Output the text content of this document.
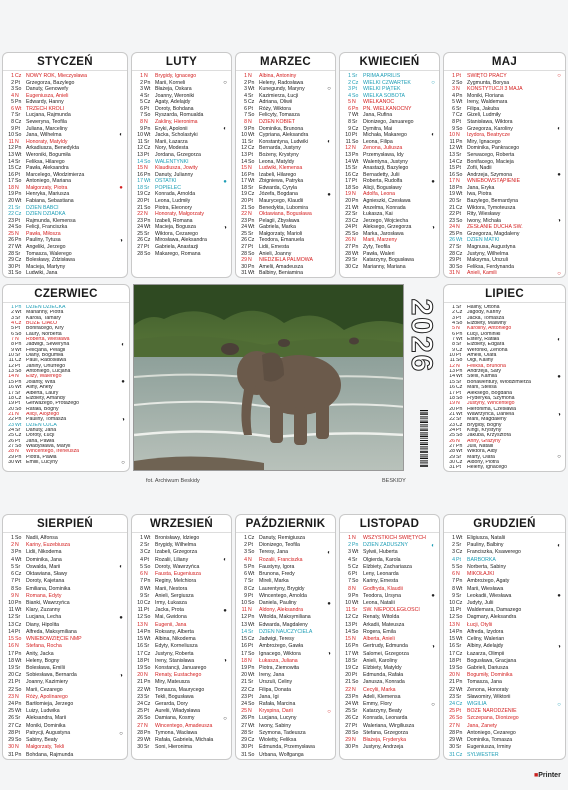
STYCZEŃ
1 Cz NOWY ROK, Mieczysława
2 Pt	Grzegorza, Bazylego
3 So Danuty, Genowefy
4 N	Eugeniusza, Anieli
5 Pn Edwardy, Hanny
6 Wt TRZECH KRÓLI
7 Śr	Lucjana, Rajmunda
8 Cz Seweryna, Teofila
9 Pt	Juliana, Marceliny
10 So Jana, Wilhelma	◐
11 N	Honoraty, Matyldy
12 Pn Arkadiusza, Benedykta
13 Wt Weroniki, Bogumiła
14 Śr	Feliksa, Hilarego
15 Cz Pawła, Aleksandra
16 Pt	Marcelego, Włodzimierza
17 So Antoniego, Mariana
18 N	Małgorzaty, Piotra	●
19 Pn Henryka, Mariusza
20 Wt Fabiana, Sebastiana
21 Śr	DZIEŃ BABCI
22 Cz DZIEŃ DZIADKA
23 Pt	Rajmunda, Klemensa
24 So Felicji, Franciszka
25 N	Pawła, Miłosza
26 Pn Pauliny, Tytusa	◑
27 Wt Angeliki, Jerzego
28 Śr	Tomasza, Walerego
29 Cz Bolesławy, Zdzisława
30 Pt	Macieja, Martyny
31 So Ludwiki, Jana
LUTY
1 N	Brygidy, Ignacego
2 Pn Marii, Korneli	○
3 Wt Błażeja, Oskara
4 Śr	Joanny, Weroniki
5 Cz Agaty, Adelajdy
6 Pt	Doroty, Bohdana
7 So Ryszarda, Romualda
8 N	Żakliny, Hieronima
9 Pn Eryki, Apolonii	◐
10 Wt Jacka, Scholastyki
11 Śr	Marii, Łazarza
12 Cz Nory, Modesta
13 Pt	Jordana, Grzegorza
14 So WALENTYNKI
15 N	Klaudiusza, Jowity
16 Pn Danuty, Julianny
17 Wt OSTATKI	●
18 Śr	POPIELEC
19 Cz Konrada, Arnolda
20 Pt	Leona, Ludmiły
21 So Piotra, Eleonory
22 N	Honoraty, Małgorzaty
23 Pn Izabeli, Romana
24 Wt Macieja, Bogusza	◑
25 Śr	Wiktora, Cezarego
26 Cz Mirosława, Aleksandra
27 Pt	Gabriela, Anastazji
28 So Makarego, Romana
MARZEC
1 N	Albina, Antoniny
2 Pn Heleny, Radosława
3 Wt Kunegundy, Maryny	○
4 Śr	Kazimierza, Łucji
5 Cz Adriana, Oliwii
6 Pt	Róży, Wiktora
7 So Felicyty, Tomasza
8 N	DZIEŃ KOBIET
9 Pn Dominika, Brunona
10 Wt Cypriana, Aleksandra
11 Śr	Konstantyna, Ludwiki	◐
12 Cz Bernarda, Justyny
13 Pt	Bożeny, Krystyny
14 So Leona, Matyldy
15 N	Ludwiki, Klemensa
16 Pn Izabeli, Hilarego
17 Wt Zbigniewa, Patryka
18 Śr	Edwarda, Cyryla
19 Cz Józefa, Bogdana	●
20 Pt	Maurycego, Klaudii
21 So Benedykta, Lubomira
22 N	Oktawiana, Bogusława
23 Pn Pelagii, Zbysława
24 Wt Gabriela, Marka
25 Śr	Małgorzaty, Marioli
26 Cz Teodora, Emanuela
27 Pt	Lidii, Ernesta
28 So Anieli, Joanny
29 N	NIEDZIELA PALMOWA
30 Pn Amelii, Amadeusza
31 Wt Balbiny, Beniamina
KWIECIEŃ
1 Śr	PRIMA APRILIS
2 Cz WIELKI CZWARTEK	○
3 Pt	WIELKI PIĄTEK
4 So WIELKA SOBOTA
5 N	WIELKANOC
6 Pn PN. WIELKANOCNY
7 Wt Jana, Rufina
8 Śr	Dionizego, Januarego
9 Cz Dymitra, Mai
10 Pt	Michała, Makarego	◐
11 So Leona, Filipa
12 N	Zenona, Juliusza
13 Pn Przemysława, Idy
14 Wt Walentyna, Justyny
15 Śr	Anastazji, Bazylego
16 Cz Bernadetty, Julii
17 Pt	Roberta, Rudolfa	●
18 So Alicji, Bogusławy
19 N	Adolfa, Leona
20 Pn Agnieszki, Czesława
21 Wt Anzelma, Konrada
22 Śr	Łukasza, Kai
23 Cz Jerzego, Wojciecha
24 Pt	Aleksego, Grzegorza	◑
25 So Marka, Jarosława
26 N	Marii, Marzeny
27 Pn Zyty, Teofila
28 Wt Pawła, Waleri
29 Śr	Katarzyny, Bogusława
30 Cz Marianny, Mariana
MAJ
1 Pt	ŚWIĘTO PRACY	○
2 So Zygmunta, Borysa
3 N	KONSTYTUCJI 3 MAJA
4 Pn Moniki, Floriana
5 Wt Ireny, Waldemara
6 Śr	Filipa, Jakuba
7 Cz Gizeli, Ludmiły
8 Pt	Stanisława, Wiktora
9 So Grzegorza, Karoliny	◐
10 N	Izydora, Beatrycze
11 Pn Miry, Ignacego
12 Wt Dominika, Pankracego
13 Śr	Serwacego, Roberta
14 Cz Bonifacego, Macieja
15 Pt	Zofii, Nadii
16 So Andrzeja, Szymona	●
17 N	WNIEBOWSTĄPIENIE
18 Pn Jana, Eryka
19 Wt Iwa, Piotra
20 Śr	Bazylego, Bernardyna
21 Cz Wiktora, Tymoteusza
22 Pt	Rity, Wiesławy
23 So Iwony, Michała	◑
24 N	ZESŁANIE DUCHA ŚW.
25 Pn Grzegorza, Magdaleny
26 Wt DZIEŃ MATKI
27 Śr	Magnusa, Augustyna
28 Cz Justyny, Wilhelma
29 Pt	Maksyma, Urszuli
30 So Feliksa, Ferdynanda
31 N	Anieli, Kamili	○
CZERWIEC
1 Pn DZIEŃ DZIECKA
2 Wt Marianny, Piotra
3 Śr	Karola, Tamary
4 Cz BOŻE CIAŁO
5 Pt	Bonifacego, Kiry
6 So Laury, Norberta
7 N	Roberta, Wiesława
8 Pn Jadwigi, Seweryna	◐
9 Wt Felicjana, Pelagii
10 Śr	Diany, Bogumiła
11 Cz Pauli, Radosława
12 Pt	Janiny, Onufrego
13 So Antoniego, Lucjana
14 N	Elizy, Walerego
15 Pn Jolanty, Wita	●
16 Wt Aliny, Anety
17 Śr	Alberta, Laury
18 Cz Elżbiety, Amandy
19 Pt	Gerwazego, Protazego
20 So Rafała, Bogny
21 N	Alicji, Alojzego
22 Pn Pauliny, Tomasza	◑
23 Wt DZIEŃ OJCA
24 Śr	Danuty, Jana
25 Cz Doroty, Łucji
26 Pt	Jana, Pawła
27 So Władysława, Maryli
28 N	Wincentego, Ireneusza
29 Pn Piotra, Pawła
30 Wt Emilii, Lucyny	○
LIPIEC
1 Śr	Haliny, Ottona
2 Cz Jagody, Kariny
3 Pt	Jacka, Tomasza
4 So Elżbiety, Malwiny
5 N	Karoliny, Antoniego
6 Pn Łucji, Dominiki
7 Wt Estery, Rafała	◐
8 Śr	Elżbiety, Edgara
9 Cz Weroniki, Zenona
10 Pt	Amelii, Olafa
11 So Olgi, Kaliny
12 N	Feliksa, Brunona
13 Pn Andrzeja, Sary
14 Wt Stelli, Kamila	●
15 Śr	Bonawentury, Włodzimierza
16 Cz Marii, Stelisa
17 Pt	Aleksego, Bogdana
18 So Fryderyka, Szymona
19 N	Justyny, Wincentego
20 Pn Hieronima, Czesława
21 Wt Wawrzyńca, Daniela	◑
22 Śr	Marii, Magdaleny
23 Cz Brygidy, Bogny
24 Pt	Kingi, Krystyny
25 So Jakuba, Krzysztofa
26 N	Anny, Grażyny
27 Pn Julii, Natalii
28 Wt Wiktora, Aidy
29 Śr	Marty, Olafa	○
30 Cz Aldony, Piotra
31 Pt	Heleny, Ignacego
SIERPIEŃ
1 So Nadii, Alfonsa
2 N	Kariny, Euzebiusza
3 Pn Lidii, Nikodema
4 Wt Dominika, Jana
5 Śr	Oswalda, Marii	◐
6 Cz Oktawiana, Sławy
7 Pt	Doroty, Kajetana
8 So Emiliana, Dominika
9 N	Romana, Edyty
10 Pn Bianki, Wawrzyńca
11 Wt Klary, Zuzanny
12 Śr	Lucjana, Lecha	●
13 Cz Diany, Hipolita
14 Pt	Alfreda, Maksymiliana
15 So WNIEBOWZIĘCIE NMP
16 N	Stefana, Rocha
17 Pn Anity, Jacka
18 Wt Heleny, Bogny
19 Śr	Bolesława, Emilii
20 Cz Sobiesława, Bernarda	◑
21 Pt	Joanny, Kazimiery
22 So Marii, Cezarego
23 N	Róży, Apolinarego
24 Pn Bartłomieja, Jerzego
25 Wt Luizy, Ludwika
26 Śr	Aleksandra, Marii
27 Cz Moniki, Dominika
28 Pt	Patrycji, Augustyna	○
29 So Sabiny, Beaty
30 N	Małgorzaty, Tekli
31 Pn Bohdana, Rajmunda
WRZESIEŃ
1 Wt Bronisławy, Idziego
2 Śr	Brygidy, Wilhelma
3 Cz Izabeli, Grzegorza
4 Pt	Rozalii, Liliany	◐
5 So Doroty, Wawrzyńca
6 N	Fausta, Eugeniusza
7 Pn Reginy, Melchiora
8 Wt Marii, Nestora
9 Śr	Anieli, Sergiusza
10 Cz Irmy, Łukasza
11 Pt	Jacka, Prota	●
12 So Mai, Gwidona
13 N	Eugenii, Jana
14 Pn Roksany, Alberta
15 Wt Albina, Nikodema
16 Śr	Edyty, Korneliusza
17 Cz Justyny, Roberta
18 Pt	Ireny, Stanisława	◑
19 So Konstancji, Januarego
20 N	Renaty, Eustachego
21 Pn Miry, Mateusza
22 Wt Tomasza, Maurycego
23 Śr	Tekli, Bogusława
24 Cz Gerarda, Dory
25 Pt	Aurelii, Władysława
26 So Damiana, Kosmy	○
27 N	Wincentego, Amadeusza
28 Pn Tymona, Wacława
29 Wt Rafała, Gabriela, Michała
30 Śr	Soni, Hieronima
PAŹDZIERNIK
1 Cz Danuty, Remigiusza
2 Pt	Dionizego, Teofila
3 So Teresy, Jana	◐
4 N	Rozalii, Franciszka
5 Pn Faustyny, Igora
6 Wt Brunona, Fredy
7 Śr	Mireli, Marka
8 Cz Laurentyny, Brygidy
9 Pt	Wincentego, Arnolda
10 So Daniela, Pauliny	●
11 N	Aldony, Aleksandra
12 Pn Witolda, Maksymiliana
13 Wt Edwarda, Magdaleny
14 Śr	DZIEŃ NAUCZYCIELA
15 Cz Jadwigi, Teresy
16 Pt	Ambrożego, Gawła
17 So Ignacego, Wiktora	◑
18 N	Łukasza, Juliana
19 Pn Piotra, Ziemowita
20 Wt Ireny, Jana
21 Śr	Urszuli, Celiny
22 Cz Filipa, Donata
23 Pt	Jana, Igi
24 So Rafała, Marcina
25 N	Kryspina, Darii	○
26 Pn Lucjana, Lucyny
27 Wt Iwony, Sabiny
28 Śr	Szymona, Tadeusza
29 Cz Wioletty, Feliksa
30 Pt	Edmunda, Przemysława
31 So Urbana, Wolfganga
LISTOPAD
1 N	WSZYSTKICH ŚWIĘTYCH
2 Pn DZIEŃ ZADUSZNY	◐
3 Wt Sylwii, Huberta
4 Śr	Olgierda, Karola
5 Cz Elżbiety, Zachariasza
6 Pt	Leny, Leonarda
7 So Kariny, Ernesta
8 N	Godfryda, Klaudii
9 Pn Teodora, Ursyna	●
10 Wt Leona, Natalii
11 Śr	ŚW. NIEPODLEGŁOŚCI
12 Cz Renaty, Witolda
13 Pt	Arkadii, Mateusza
14 So Rogera, Emila
15 N	Alberta, Anieli
16 Pn Gertrudy, Edmunda	◑
17 Wt Salomei, Grzegorza
18 Śr	Anieli, Karoliny
19 Cz Elżbiety, Matyldy
20 Pt	Edmunda, Rafała
21 So Janusza, Konrada
22 N	Cecylii, Marka
23 Pn Adeli, Klemensa
24 Wt Emmy, Flory	○
25 Śr	Katarzyny, Beaty
26 Cz Konrada, Leonarda
27 Pt	Waleriana, Wirgiliusza
28 So Stefana, Grzegorza
29 N	Błażeja, Fryderyka
30 Pn Justyny, Andrzeja
GRUDZIEŃ
1 Wt Eligiusza, Natalii
2 Śr	Pauliny, Balbiny	◐
3 Cz Franciszka, Ksawerego
4 Pt	BARBÓRKA
5 So Norberta, Sabiny
6 N	MIKOŁAJKI
7 Pn Ambrożego, Agaty
8 Wt Marii, Wiesława
9 Śr	Leokadii, Wiesława	●
10 Cz Judyty, Julii
11 Pt	Waldemara, Damazego
12 So Dagmary, Aleksandra
13 N	Łucji, Otylii
14 Pn Alfreda, Izydora
15 Wt Celiny, Walerian
16 Śr	Albiny, Adelajdy	◑
17 Cz Łazarza, Olimpii
18 Pt	Bogusława, Gracjana
19 So Gabrieli, Dariusza
20 N	Bogumiły, Dominika
21 Pn Tomasza, Jana
22 Wt Zenona, Honoraty
23 Śr	Sławomiry, Wiktorii
24 Cz WIGILIA	○
25 Pt	BOŻE NARODZENIE
26 So Szczepana, Dionizego
27 N	Jana, Żanety
28 Pn Antoniego, Cezarego
29 Wt Dominika, Tomasza
30 Śr	Eugeniusza, Irminy
31 Cz SYLWESTER
2026
fot. Archiwum Beskidy	BESKIDY
■Printer
